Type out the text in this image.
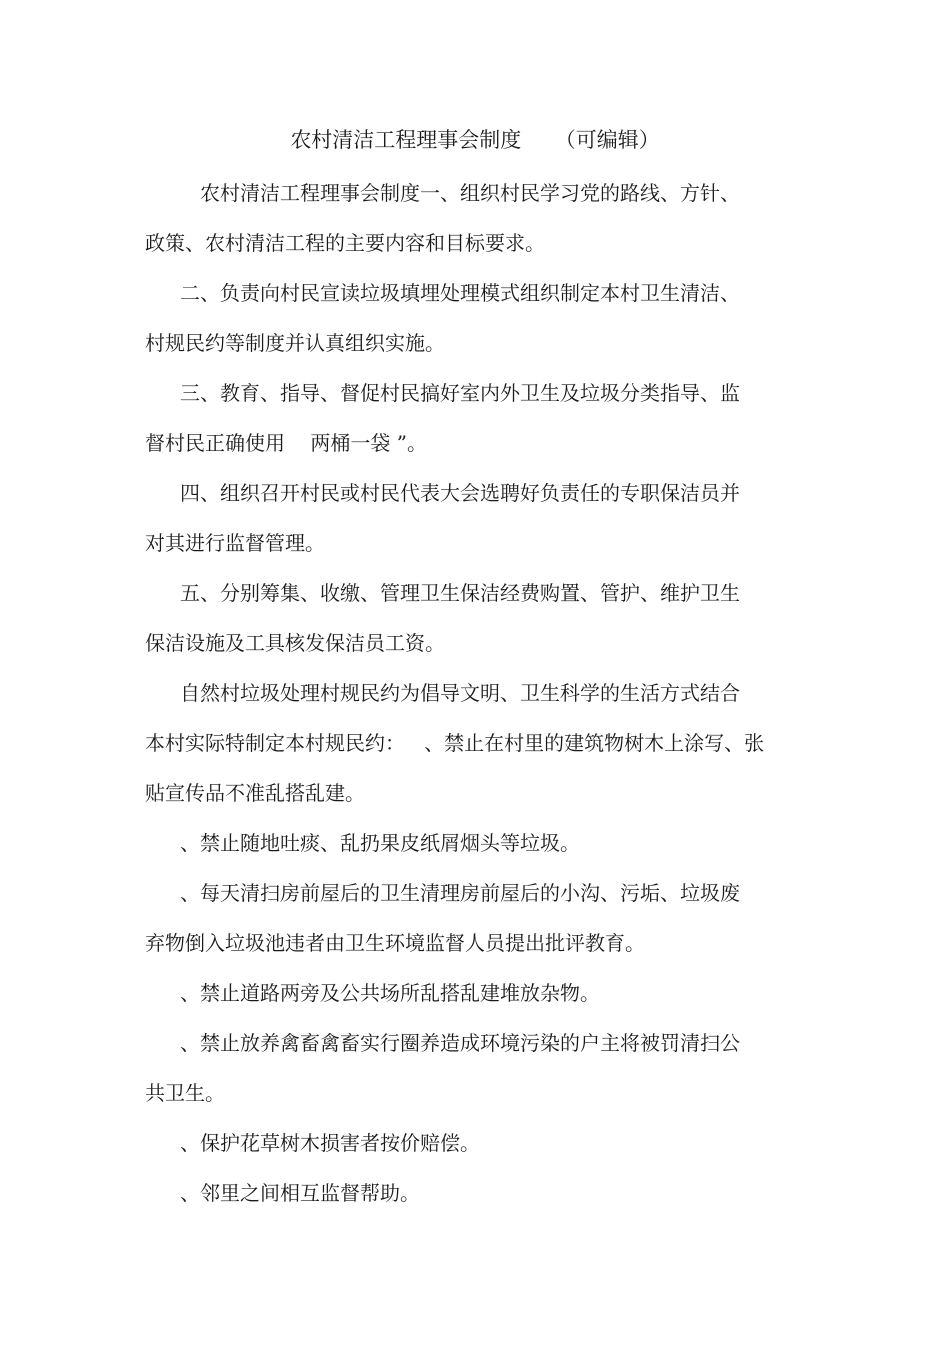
农村清洁工程理事会制度     （可编辑）
农村清洁工程理事会制度一、组织村民学习党的路线、方针、
政策、农村清洁工程的主要内容和目标要求。
二、负责向村民宣读垃圾填埋处理模式组织制定本村卫生清洁、
村规民约等制度并认真组织实施。
三、教育、指导、督促村民搞好室内外卫生及垃圾分类指导、监
督村民正确使用    两桶一袋 ”。
四、组织召开村民或村民代表大会选聘好负责任的专职保洁员并
对其进行监督管理。
五、分别筹集、收缴、管理卫生保洁经费购置、管护、维护卫生
保洁设施及工具核发保洁员工资。
自然村垃圾处理村规民约为倡导文明、卫生科学的生活方式结合
本村实际特制定本村规民约：   、禁止在村里的建筑物树木上涂写、张
贴宣传品不准乱搭乱建。
、禁止随地吐痰、乱扔果皮纸屑烟头等垃圾。
、每天清扫房前屋后的卫生清理房前屋后的小沟、污垢、垃圾废
弃物倒入垃圾池违者由卫生环境监督人员提出批评教育。
、禁止道路两旁及公共场所乱搭乱建堆放杂物。
、禁止放养禽畜禽畜实行圈养造成环境污染的户主将被罚清扫公
共卫生。
、保护花草树木损害者按价赔偿。
、邻里之间相互监督帮助。
